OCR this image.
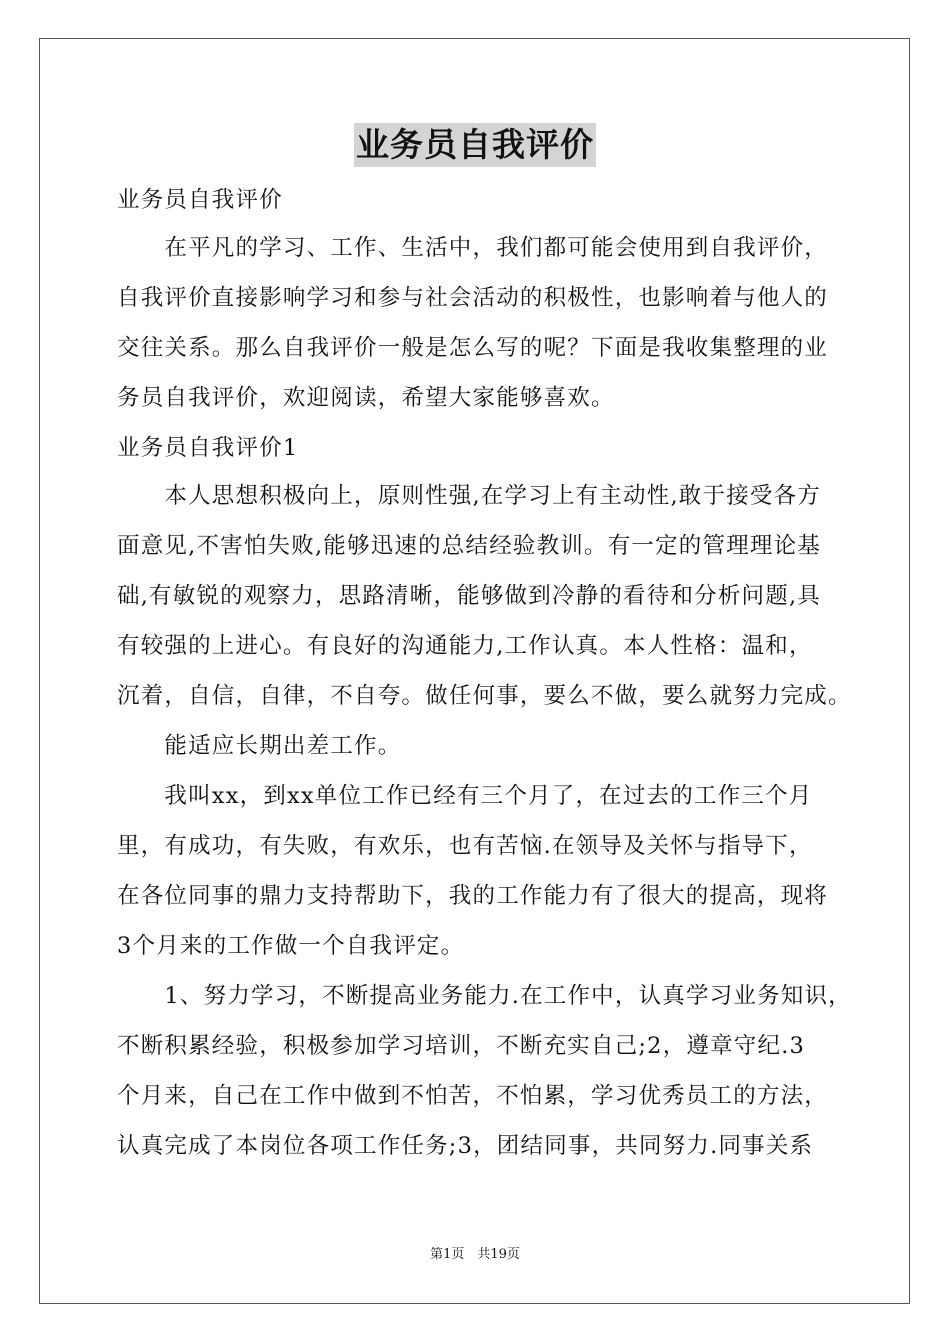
业务员自我评价
业务员自我评价
　　在平凡的学习、工作、生活中，我们都可能会使用到自我评价，
自我评价直接影响学习和参与社会活动的积极性，也影响着与他人的
交往关系。那么自我评价一般是怎么写的呢？下面是我收集整理的业
务员自我评价，欢迎阅读，希望大家能够喜欢。
业务员自我评价1
　　本人思想积极向上，原则性强,在学习上有主动性,敢于接受各方
面意见,不害怕失败,能够迅速的总结经验教训。有一定的管理理论基
础,有敏锐的观察力，思路清晰，能够做到冷静的看待和分析问题,具
有较强的上进心。有良好的沟通能力,工作认真。本人性格：温和，
沉着，自信，自律，不自夸。做任何事，要么不做，要么就努力完成。
　　能适应长期出差工作。
　　我叫xx，到xx单位工作已经有三个月了，在过去的工作三个月
里，有成功，有失败，有欢乐，也有苦恼.在领导及关怀与指导下，
在各位同事的鼎力支持帮助下，我的工作能力有了很大的提高，现将
3个月来的工作做一个自我评定。
　　1、努力学习，不断提高业务能力.在工作中，认真学习业务知识，
不断积累经验，积极参加学习培训，不断充实自己;2，遵章守纪.3
个月来，自己在工作中做到不怕苦，不怕累，学习优秀员工的方法，
认真完成了本岗位各项工作任务;3，团结同事，共同努力.同事关系
第1页　共19页
